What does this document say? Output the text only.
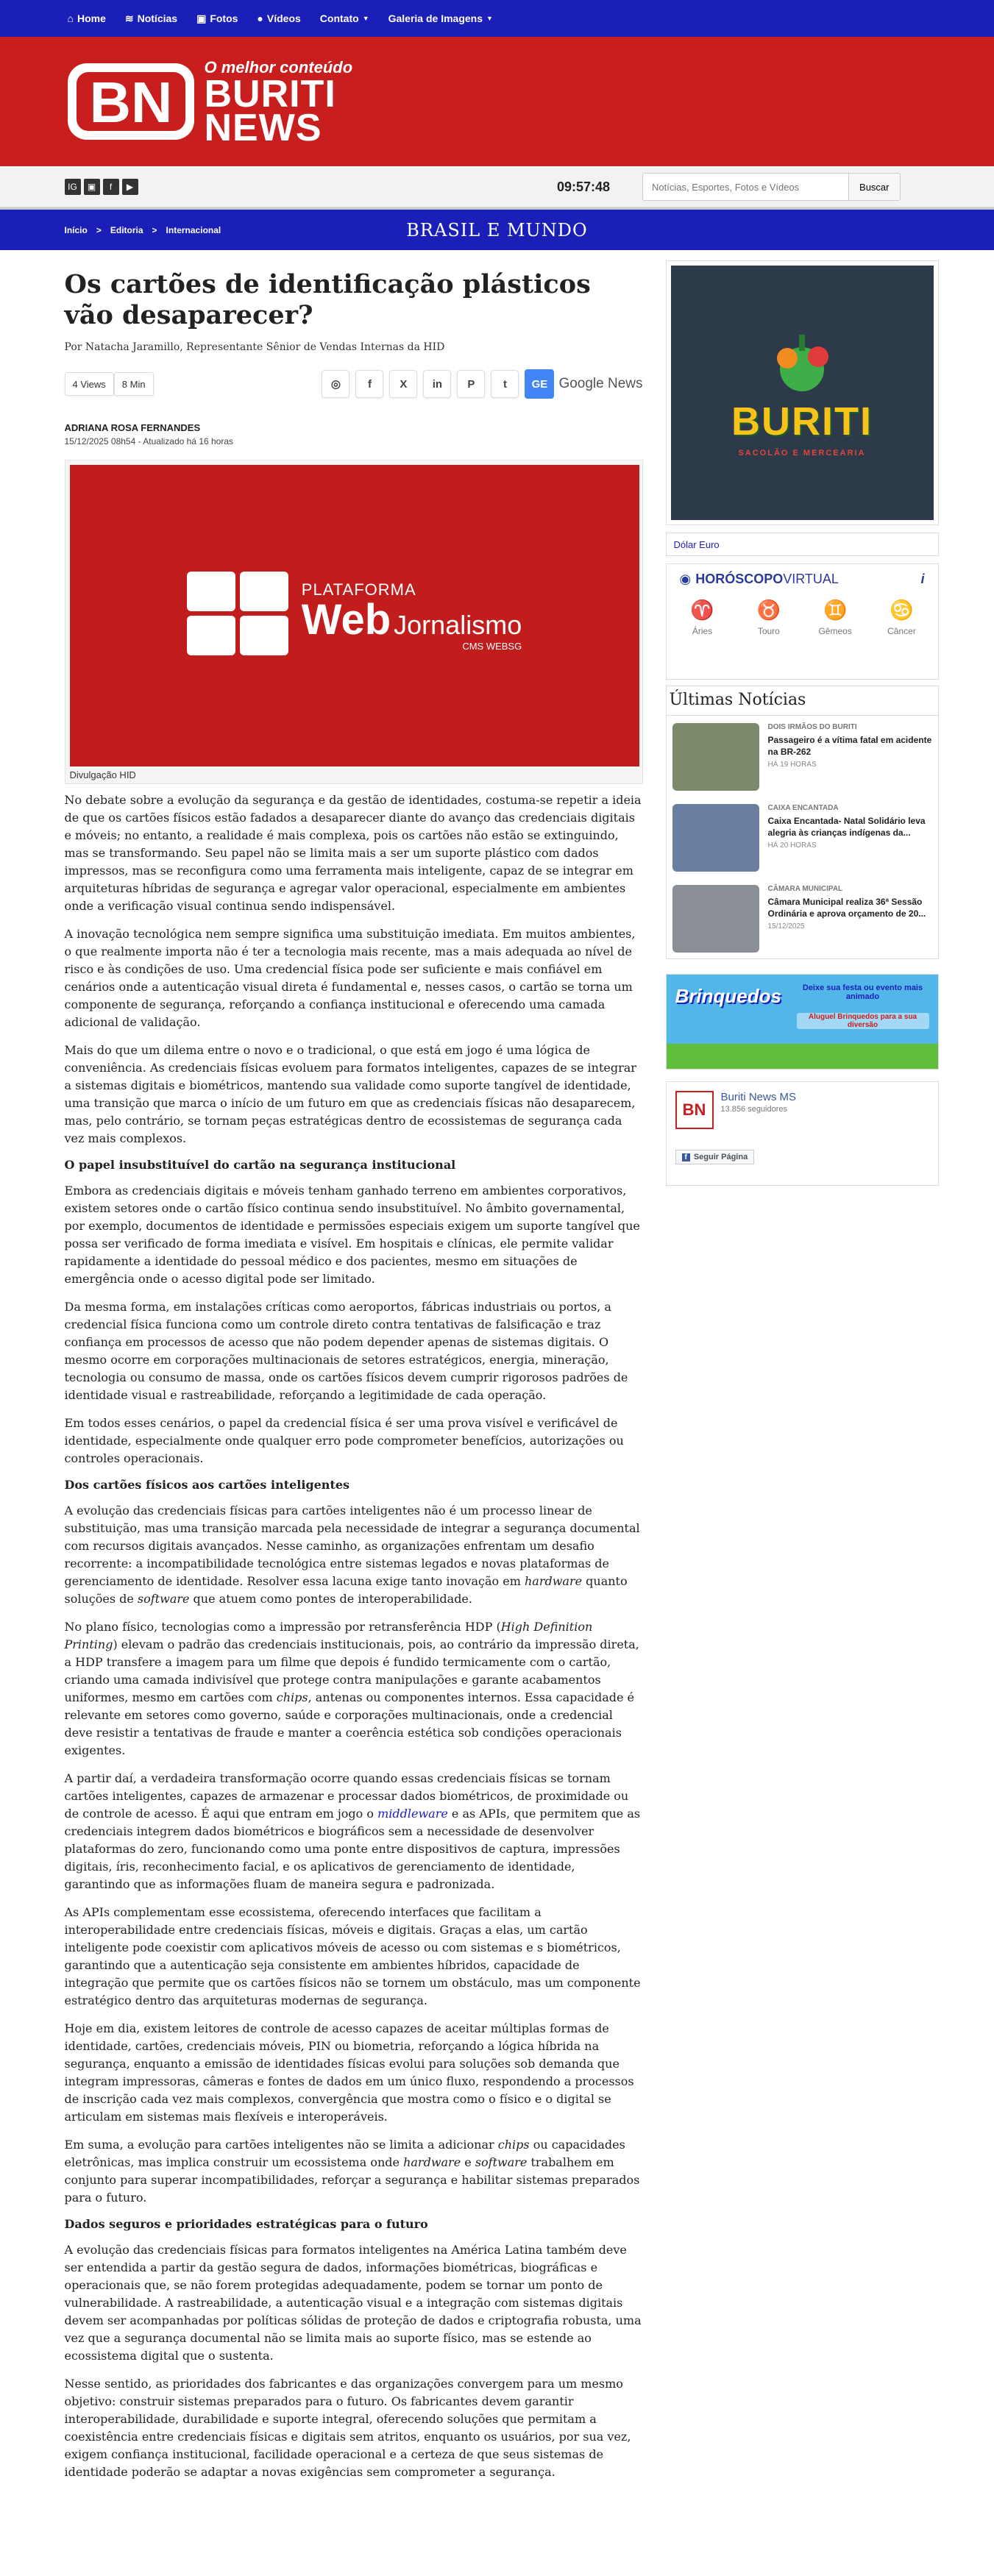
⌂ Home ≋ Notícias ▣ Fotos ● Vídeos Contato ▼ Galeria de Imagens ▼
BN
O melhor conteúdo
BURITI
NEWS
IG	▣	f	▶	09:57:48
Notícias, Esportes, Fotos e Vídeos	Buscar
Início > Editoria > Internacional	BRASIL E MUNDO
Os cartões de identificação plásticos vão desaparecer?
Por Natacha Jaramillo, Representante Sênior de Vendas Internas da HID
4 Views	8 Min	◎	f	X	in	P	t	GE Google News
ADRIANA ROSA FERNANDES
15/12/2025 08h54 - Atualizado há 16 horas
PLATAFORMA
Web Jornalismo
CMS WEBSG
Divulgação HID

No debate sobre a evolução da segurança e da gestão de identidades, costuma-se repetir a ideia de que os cartões físicos estão fadados a desaparecer diante do avanço das credenciais digitais e móveis; no entanto, a realidade é mais complexa, pois os cartões não estão se extinguindo, mas se transformando. Seu papel não se limita mais a ser um suporte plástico com dados impressos, mas se reconfigura como uma ferramenta mais inteligente, capaz de se integrar em arquiteturas híbridas de segurança e agregar valor operacional, especialmente em ambientes onde a verificação visual continua sendo indispensável.

A inovação tecnológica nem sempre significa uma substituição imediata. Em muitos ambientes, o que realmente importa não é ter a tecnologia mais recente, mas a mais adequada ao nível de risco e às condições de uso. Uma credencial física pode ser suficiente e mais confiável em cenários onde a autenticação visual direta é fundamental e, nesses casos, o cartão se torna um componente de segurança, reforçando a confiança institucional e oferecendo uma camada adicional de validação.

Mais do que um dilema entre o novo e o tradicional, o que está em jogo é uma lógica de conveniência. As credenciais físicas evoluem para formatos inteligentes, capazes de se integrar a sistemas digitais e biométricos, mantendo sua validade como suporte tangível de identidade, uma transição que marca o início de um futuro em que as credenciais físicas não desaparecem, mas, pelo contrário, se tornam peças estratégicas dentro de ecossistemas de segurança cada vez mais complexos.

O papel insubstituível do cartão na segurança institucional

Embora as credenciais digitais e móveis tenham ganhado terreno em ambientes corporativos, existem setores onde o cartão físico continua sendo insubstituível. No âmbito governamental, por exemplo, documentos de identidade e permissões especiais exigem um suporte tangível que possa ser verificado de forma imediata e visível. Em hospitais e clínicas, ele permite validar rapidamente a identidade do pessoal médico e dos pacientes, mesmo em situações de emergência onde o acesso digital pode ser limitado.

Da mesma forma, em instalações críticas como aeroportos, fábricas industriais ou portos, a credencial física funciona como um controle direto contra tentativas de falsificação e traz confiança em processos de acesso que não podem depender apenas de sistemas digitais. O mesmo ocorre em corporações multinacionais de setores estratégicos, energia, mineração, tecnologia ou consumo de massa, onde os cartões físicos devem cumprir rigorosos padrões de identidade visual e rastreabilidade, reforçando a legitimidade de cada operação.

Em todos esses cenários, o papel da credencial física é ser uma prova visível e verificável de identidade, especialmente onde qualquer erro pode comprometer benefícios, autorizações ou controles operacionais.

Dos cartões físicos aos cartões inteligentes

A evolução das credenciais físicas para cartões inteligentes não é um processo linear de substituição, mas uma transição marcada pela necessidade de integrar a segurança documental com recursos digitais avançados. Nesse caminho, as organizações enfrentam um desafio recorrente: a incompatibilidade tecnológica entre sistemas legados e novas plataformas de gerenciamento de identidade. Resolver essa lacuna exige tanto inovação em hardware quanto soluções de software que atuem como pontes de interoperabilidade.

No plano físico, tecnologias como a impressão por retransferência HDP (High Definition Printing) elevam o padrão das credenciais institucionais, pois, ao contrário da impressão direta, a HDP transfere a imagem para um filme que depois é fundido termicamente com o cartão, criando uma camada indivisível que protege contra manipulações e garante acabamentos uniformes, mesmo em cartões com chips, antenas ou componentes internos. Essa capacidade é relevante em setores como governo, saúde e corporações multinacionais, onde a credencial deve resistir a tentativas de fraude e manter a coerência estética sob condições operacionais exigentes.

A partir daí, a verdadeira transformação ocorre quando essas credenciais físicas se tornam cartões inteligentes, capazes de armazenar e processar dados biométricos, de proximidade ou de controle de acesso. É aqui que entram em jogo o middleware e as APIs, que permitem que as credenciais integrem dados biométricos e biográficos sem a necessidade de desenvolver plataformas do zero, funcionando como uma ponte entre dispositivos de captura, impressões digitais, íris, reconhecimento facial, e os aplicativos de gerenciamento de identidade, garantindo que as informações fluam de maneira segura e padronizada.

As APIs complementam esse ecossistema, oferecendo interfaces que facilitam a interoperabilidade entre credenciais físicas, móveis e digitais. Graças a elas, um cartão inteligente pode coexistir com aplicativos móveis de acesso ou com sistemas e s biométricos, garantindo que a autenticação seja consistente em ambientes híbridos, capacidade de integração que permite que os cartões físicos não se tornem um obstáculo, mas um componente estratégico dentro das arquiteturas modernas de segurança.

Hoje em dia, existem leitores de controle de acesso capazes de aceitar múltiplas formas de identidade, cartões, credenciais móveis, PIN ou biometria, reforçando a lógica híbrida na segurança, enquanto a emissão de identidades físicas evolui para soluções sob demanda que integram impressoras, câmeras e fontes de dados em um único fluxo, respondendo a processos de inscrição cada vez mais complexos, convergência que mostra como o físico e o digital se articulam em sistemas mais flexíveis e interoperáveis.

Em suma, a evolução para cartões inteligentes não se limita a adicionar chips ou capacidades eletrônicas, mas implica construir um ecossistema onde hardware e software trabalhem em conjunto para superar incompatibilidades, reforçar a segurança e habilitar sistemas preparados para o futuro.

Dados seguros e prioridades estratégicas para o futuro

A evolução das credenciais físicas para formatos inteligentes na América Latina também deve ser entendida a partir da gestão segura de dados, informações biométricas, biográficas e operacionais que, se não forem protegidas adequadamente, podem se tornar um ponto de vulnerabilidade. A rastreabilidade, a autenticação visual e a integração com sistemas digitais devem ser acompanhadas por políticas sólidas de proteção de dados e criptografia robusta, uma vez que a segurança documental não se limita mais ao suporte físico, mas se estende ao ecossistema digital que o sustenta.

Nesse sentido, as prioridades dos fabricantes e das organizações convergem para um mesmo objetivo: construir sistemas preparados para o futuro. Os fabricantes devem garantir interoperabilidade, durabilidade e suporte integral, oferecendo soluções que permitam a coexistência entre credenciais físicas e digitais sem atritos, enquanto os usuários, por sua vez, exigem confiança institucional, facilidade operacional e a certeza de que seus sistemas de identidade poderão se adaptar a novas exigências sem comprometer a segurança.

BURITI
SACOLÃO E MERCEARIA
Dólar Euro
◉ HORÓSCOPO VIRTUAL	i
♈
Áries
♉
Touro
♊
Gêmeos
♋
Câncer
Últimas Notícias
DOIS IRMÃOS DO BURITI
Passageiro é a vítima fatal em acidente na BR-262
HÁ 19 HORAS
CAIXA ENCANTADA
Caixa Encantada- Natal Solidário leva alegria às crianças indígenas da...
HÁ 20 HORAS
CÂMARA MUNICIPAL
Câmara Municipal realiza 36ª Sessão Ordinária e aprova orçamento de 20...
15/12/2025
Brinquedos	Deixe sua festa ou evento mais animado
Aluguel Brinquedos para a sua diversão
BN
Buriti News MS
13.856 seguidores
f Seguir Página
